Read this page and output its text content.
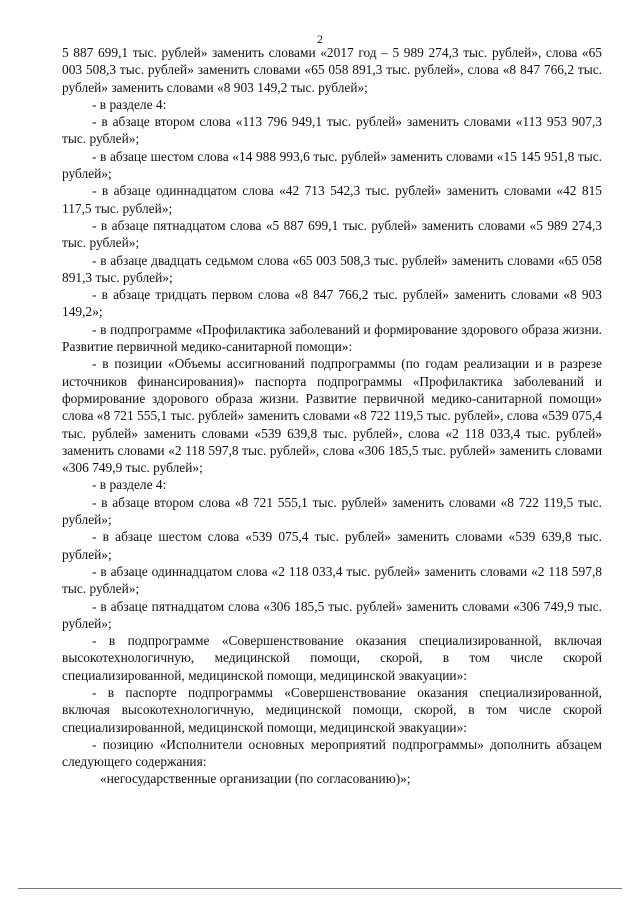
2

5 887 699,1 тыс. рублей» заменить словами «2017 год – 5 989 274,3 тыс. рублей», слова «65 003 508,3 тыс. рублей» заменить словами «65 058 891,3 тыс. рублей», слова «8 847 766,2 тыс. рублей» заменить словами «8 903 149,2 тыс. рублей»;

- в разделе 4:

- в абзаце втором слова «113 796 949,1 тыс. рублей» заменить словами «113 953 907,3 тыс. рублей»;

- в абзаце шестом слова «14 988 993,6 тыс. рублей» заменить словами «15 145 951,8 тыс. рублей»;

- в абзаце одиннадцатом слова «42 713 542,3 тыс. рублей» заменить словами «42 815 117,5 тыс. рублей»;

- в абзаце пятнадцатом слова «5 887 699,1 тыс. рублей» заменить словами «5 989 274,3 тыс. рублей»;

- в абзаце двадцать седьмом слова «65 003 508,3 тыс. рублей» заменить словами «65 058 891,3 тыс. рублей»;

- в абзаце тридцать первом слова «8 847 766,2 тыс. рублей» заменить словами «8 903 149,2»;

- в подпрограмме «Профилактика заболеваний и формирование здорового образа жизни. Развитие первичной медико-санитарной помощи»:

- в позиции «Объемы ассигнований подпрограммы (по годам реализации и в разрезе источников финансирования)» паспорта подпрограммы «Профилактика заболеваний и формирование здорового образа жизни. Развитие первичной медико-санитарной помощи» слова «8 721 555,1 тыс. рублей» заменить словами «8 722 119,5 тыс. рублей», слова «539 075,4 тыс. рублей» заменить словами «539 639,8 тыс. рублей», слова «2 118 033,4 тыс. рублей» заменить словами «2 118 597,8 тыс. рублей», слова «306 185,5 тыс. рублей» заменить словами «306 749,9 тыс. рублей»;

- в разделе 4:

- в абзаце втором слова «8 721 555,1 тыс. рублей» заменить словами «8 722 119,5 тыс. рублей»;

- в абзаце шестом слова «539 075,4 тыс. рублей» заменить словами «539 639,8 тыс. рублей»;

- в абзаце одиннадцатом слова «2 118 033,4 тыс. рублей» заменить словами «2 118 597,8 тыс. рублей»;

- в абзаце пятнадцатом слова «306 185,5 тыс. рублей» заменить словами «306 749,9 тыс. рублей»;

- в подпрограмме «Совершенствование оказания специализированной, включая высокотехнологичную, медицинской помощи, скорой, в том числе скорой специализированной, медицинской помощи, медицинской эвакуации»:

- в паспорте подпрограммы «Совершенствование оказания специализированной, включая высокотехнологичную, медицинской помощи, скорой, в том числе скорой специализированной, медицинской помощи, медицинской эвакуации»:

- позицию «Исполнители основных мероприятий подпрограммы» дополнить абзацем следующего содержания:

«негосударственные организации (по согласованию)»;
